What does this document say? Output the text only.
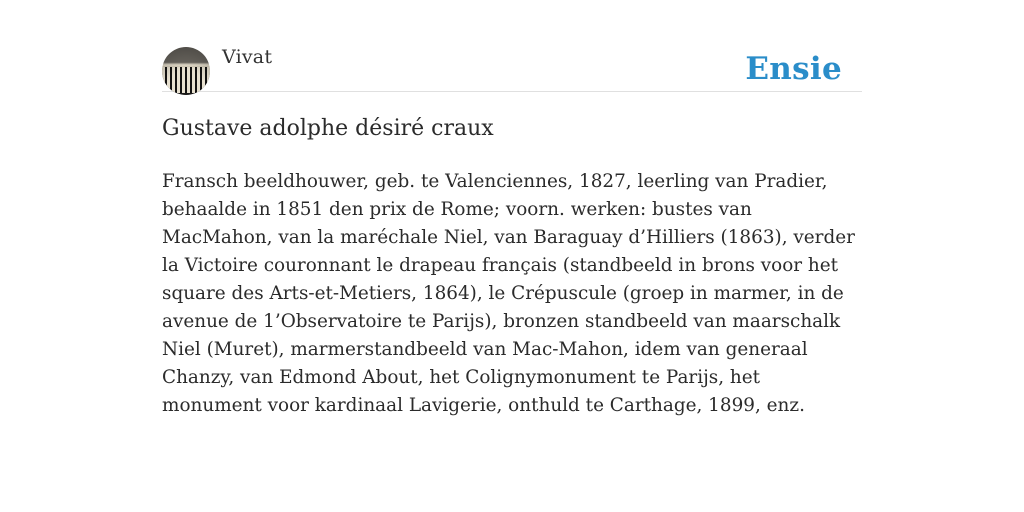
Vivat	Ensie
Gustave adolphe désiré craux

Fransch beeldhouwer, geb. te Valenciennes, 1827, leerling van Pradier, behaalde in 1851 den prix de Rome; voorn. werken: bustes van MacMahon, van la maréchale Niel, van Baraguay d’Hilliers (1863), verder la Victoire couronnant le drapeau français (standbeeld in brons voor het square des Arts-et-Metiers, 1864), le Crépuscule (groep in marmer, in de avenue de 1’Observatoire te Parijs), bronzen standbeeld van maarschalk Niel (Muret), marmerstandbeeld van Mac-Mahon, idem van generaal Chanzy, van Edmond About, het Colignymonument te Parijs, het monument voor kardinaal Lavigerie, onthuld te Carthage, 1899, enz.
